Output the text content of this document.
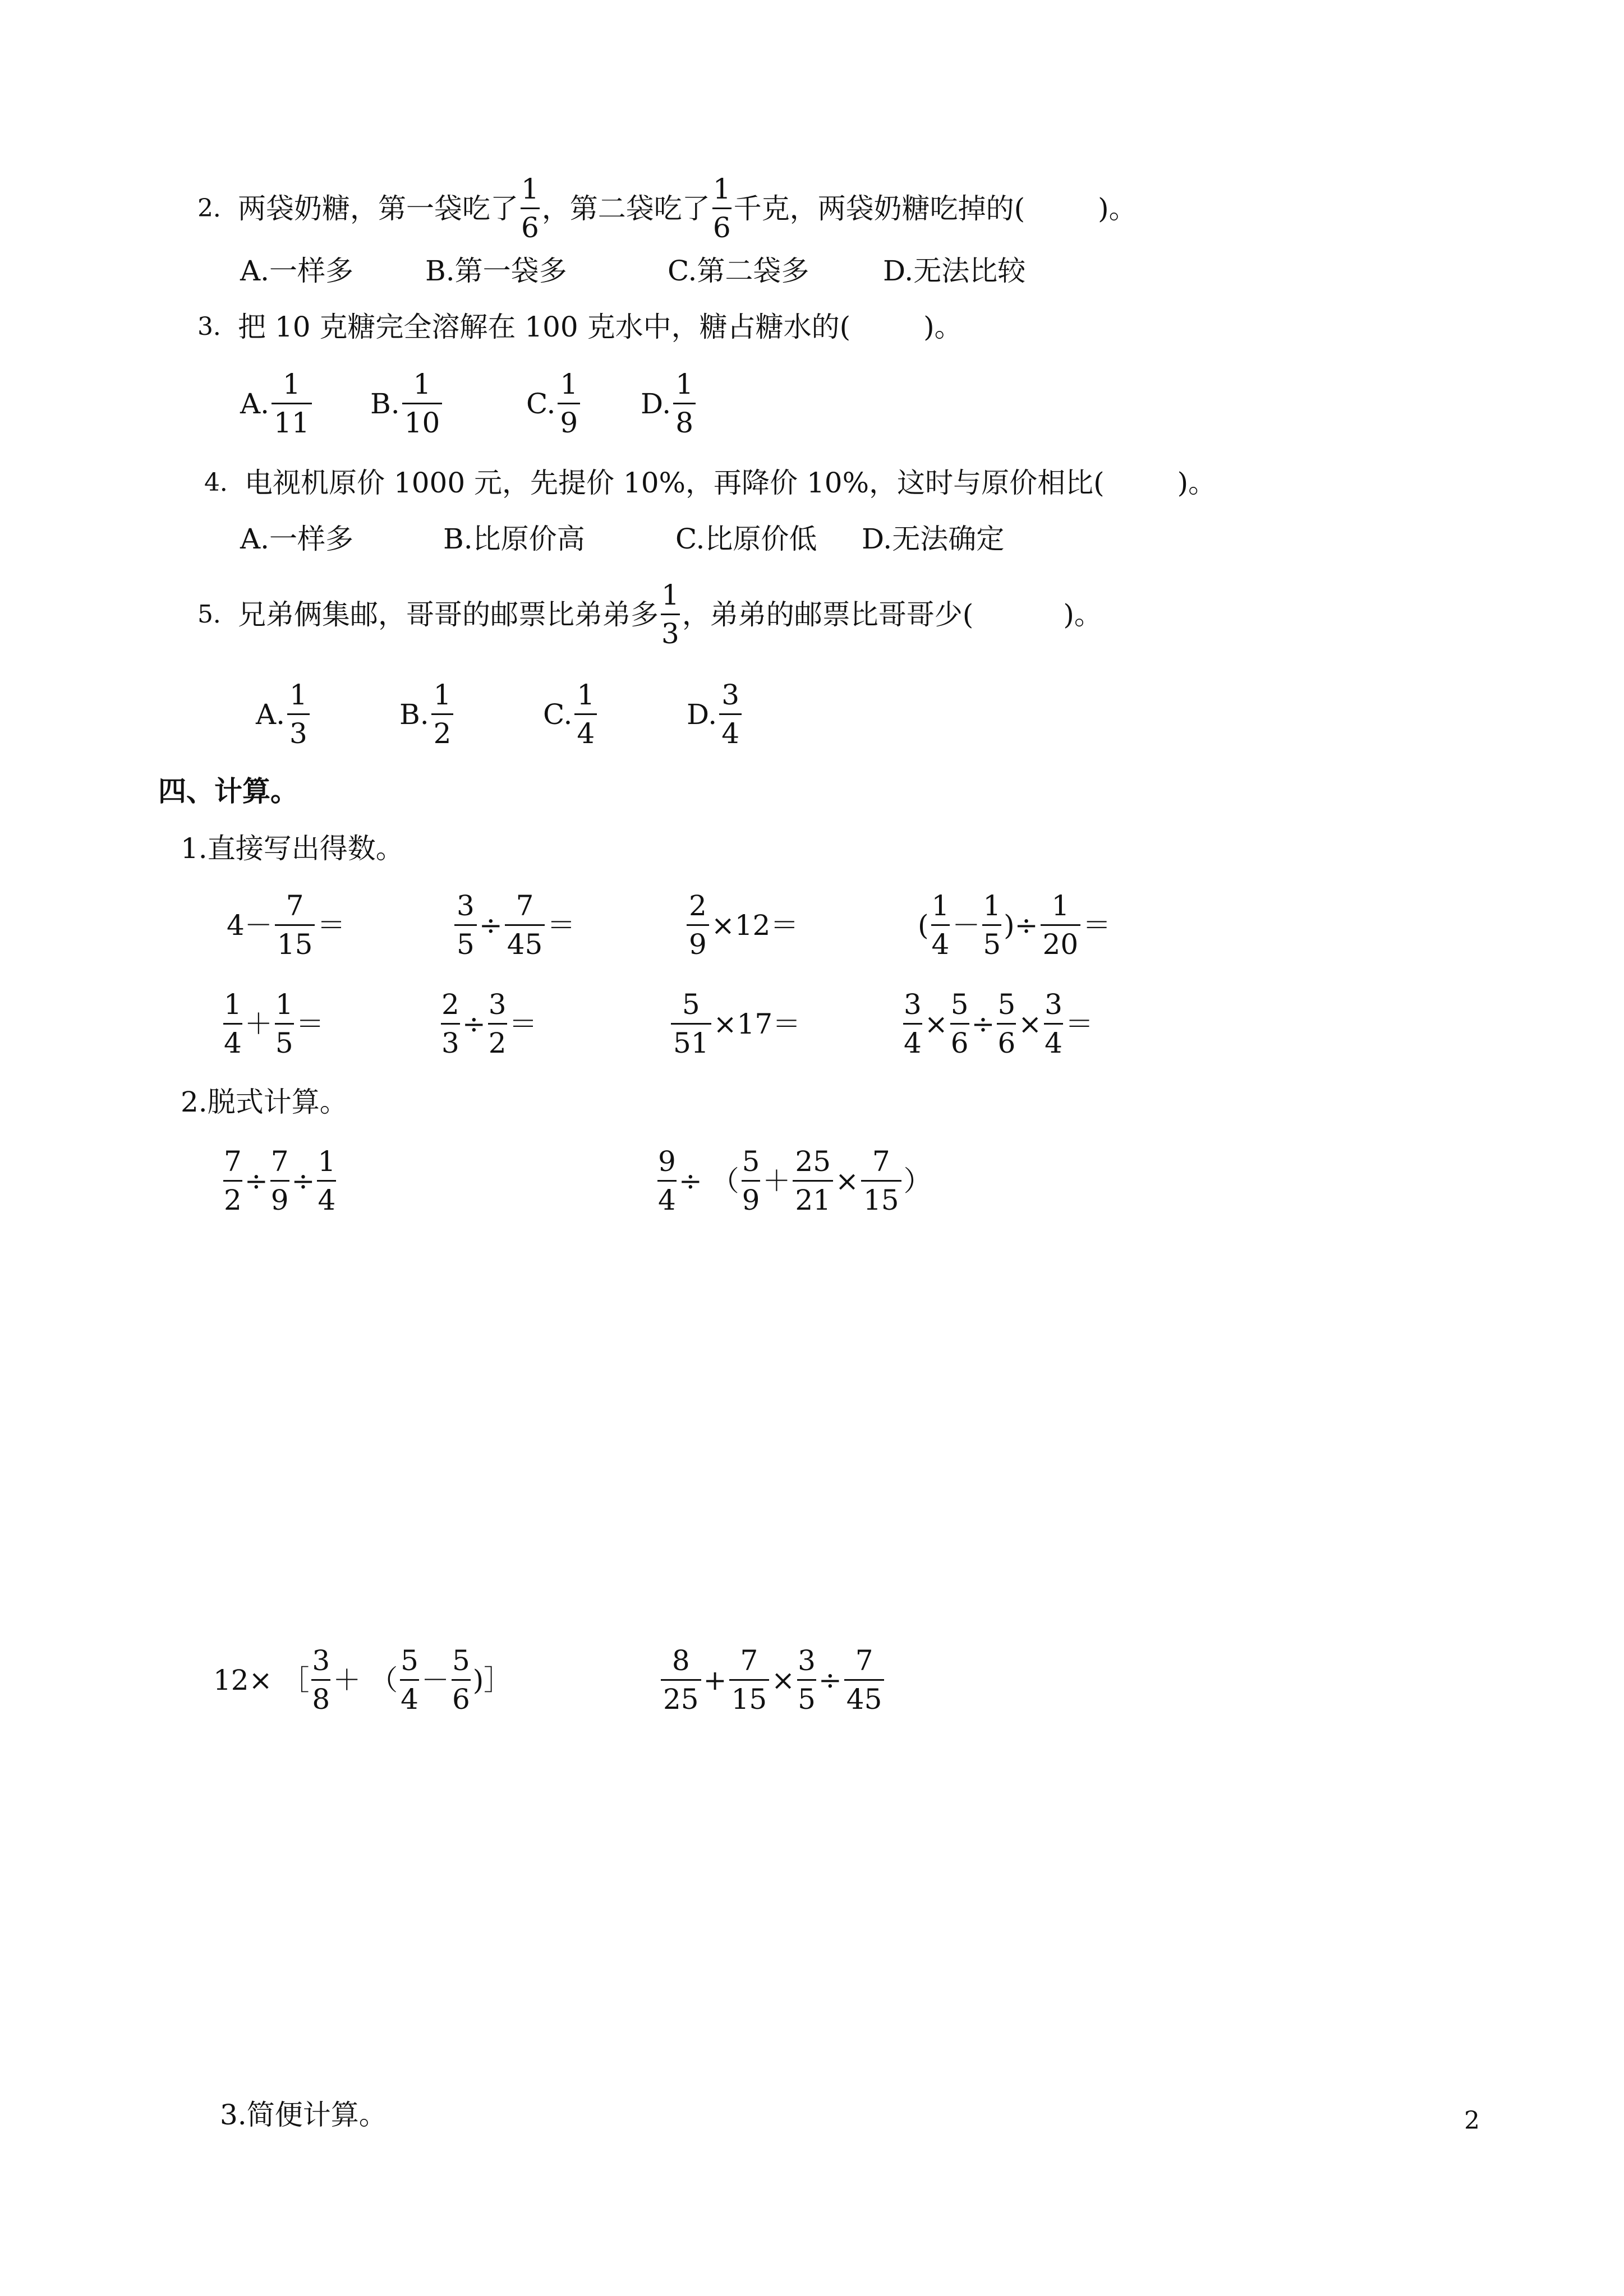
2． 两袋奶糖，第一袋吃了 $\frac{1}{6}$ ，第二袋吃了 $\frac{1}{6}$ 千克，两袋奶糖吃掉的(	)。
A.一样多	B.第一袋多	C.第二袋多	D.无法比较
3． 把 10 克糖完全溶解在 100 克水中，糖占糖水的(	)。
A. $\frac{1}{11} B$. $\frac{1}{10}$	C. $\frac{1}{9} D$. $\frac{1}{8}$
4． 电视机原价 1000 元，先提价 10%，再降价 10%，这时与原价相比(	)。
A.一样多	B.比原价高	C.比原价低	D.无法确定
5． 兄弟俩集邮，哥哥的邮票比弟弟多 $\frac{1}{3}$ ，弟弟的邮票比哥哥少(	)。
A. $\frac{1}{3}$	B. $\frac{1}{2}$	C. $\frac{1}{4}$	D. $\frac{3}{4}$
四、计算。
1.直接写出得数。
$4- \frac{7}{15}$ ＝	$\frac{3}{5} \div \frac{7}{45}$ ＝	$\frac{2}{9} \times 12=$	( $\frac{1}{4} - \frac{1}{5}$ )÷ $\frac{1}{20}$ ＝
$\frac{1}{4} + \frac{1}{5}$ ＝	$\frac{2}{3} \div \frac{3}{2}$ ＝	$\frac{5}{51} \times 17=$	$\frac{3}{4} \times \frac{5}{6} \div \frac{5}{6} \times \frac{3}{4}$ ＝
2.脱式计算。
$\frac{7}{2} \div \frac{7}{9} \div \frac{1}{4}$	$\frac{9}{4}$ ÷ （ $\frac{5}{9} + \frac{25}{21} \times \frac{7}{15}$ ）
12× ［ $\frac{3}{8}$ ＋ （ $\frac{5}{4} - \frac{5}{6}$ )］	$\frac{8}{25} + \frac{7}{15} \times \frac{3}{5} \div \frac{7}{45}$
3.简便计算。	2
